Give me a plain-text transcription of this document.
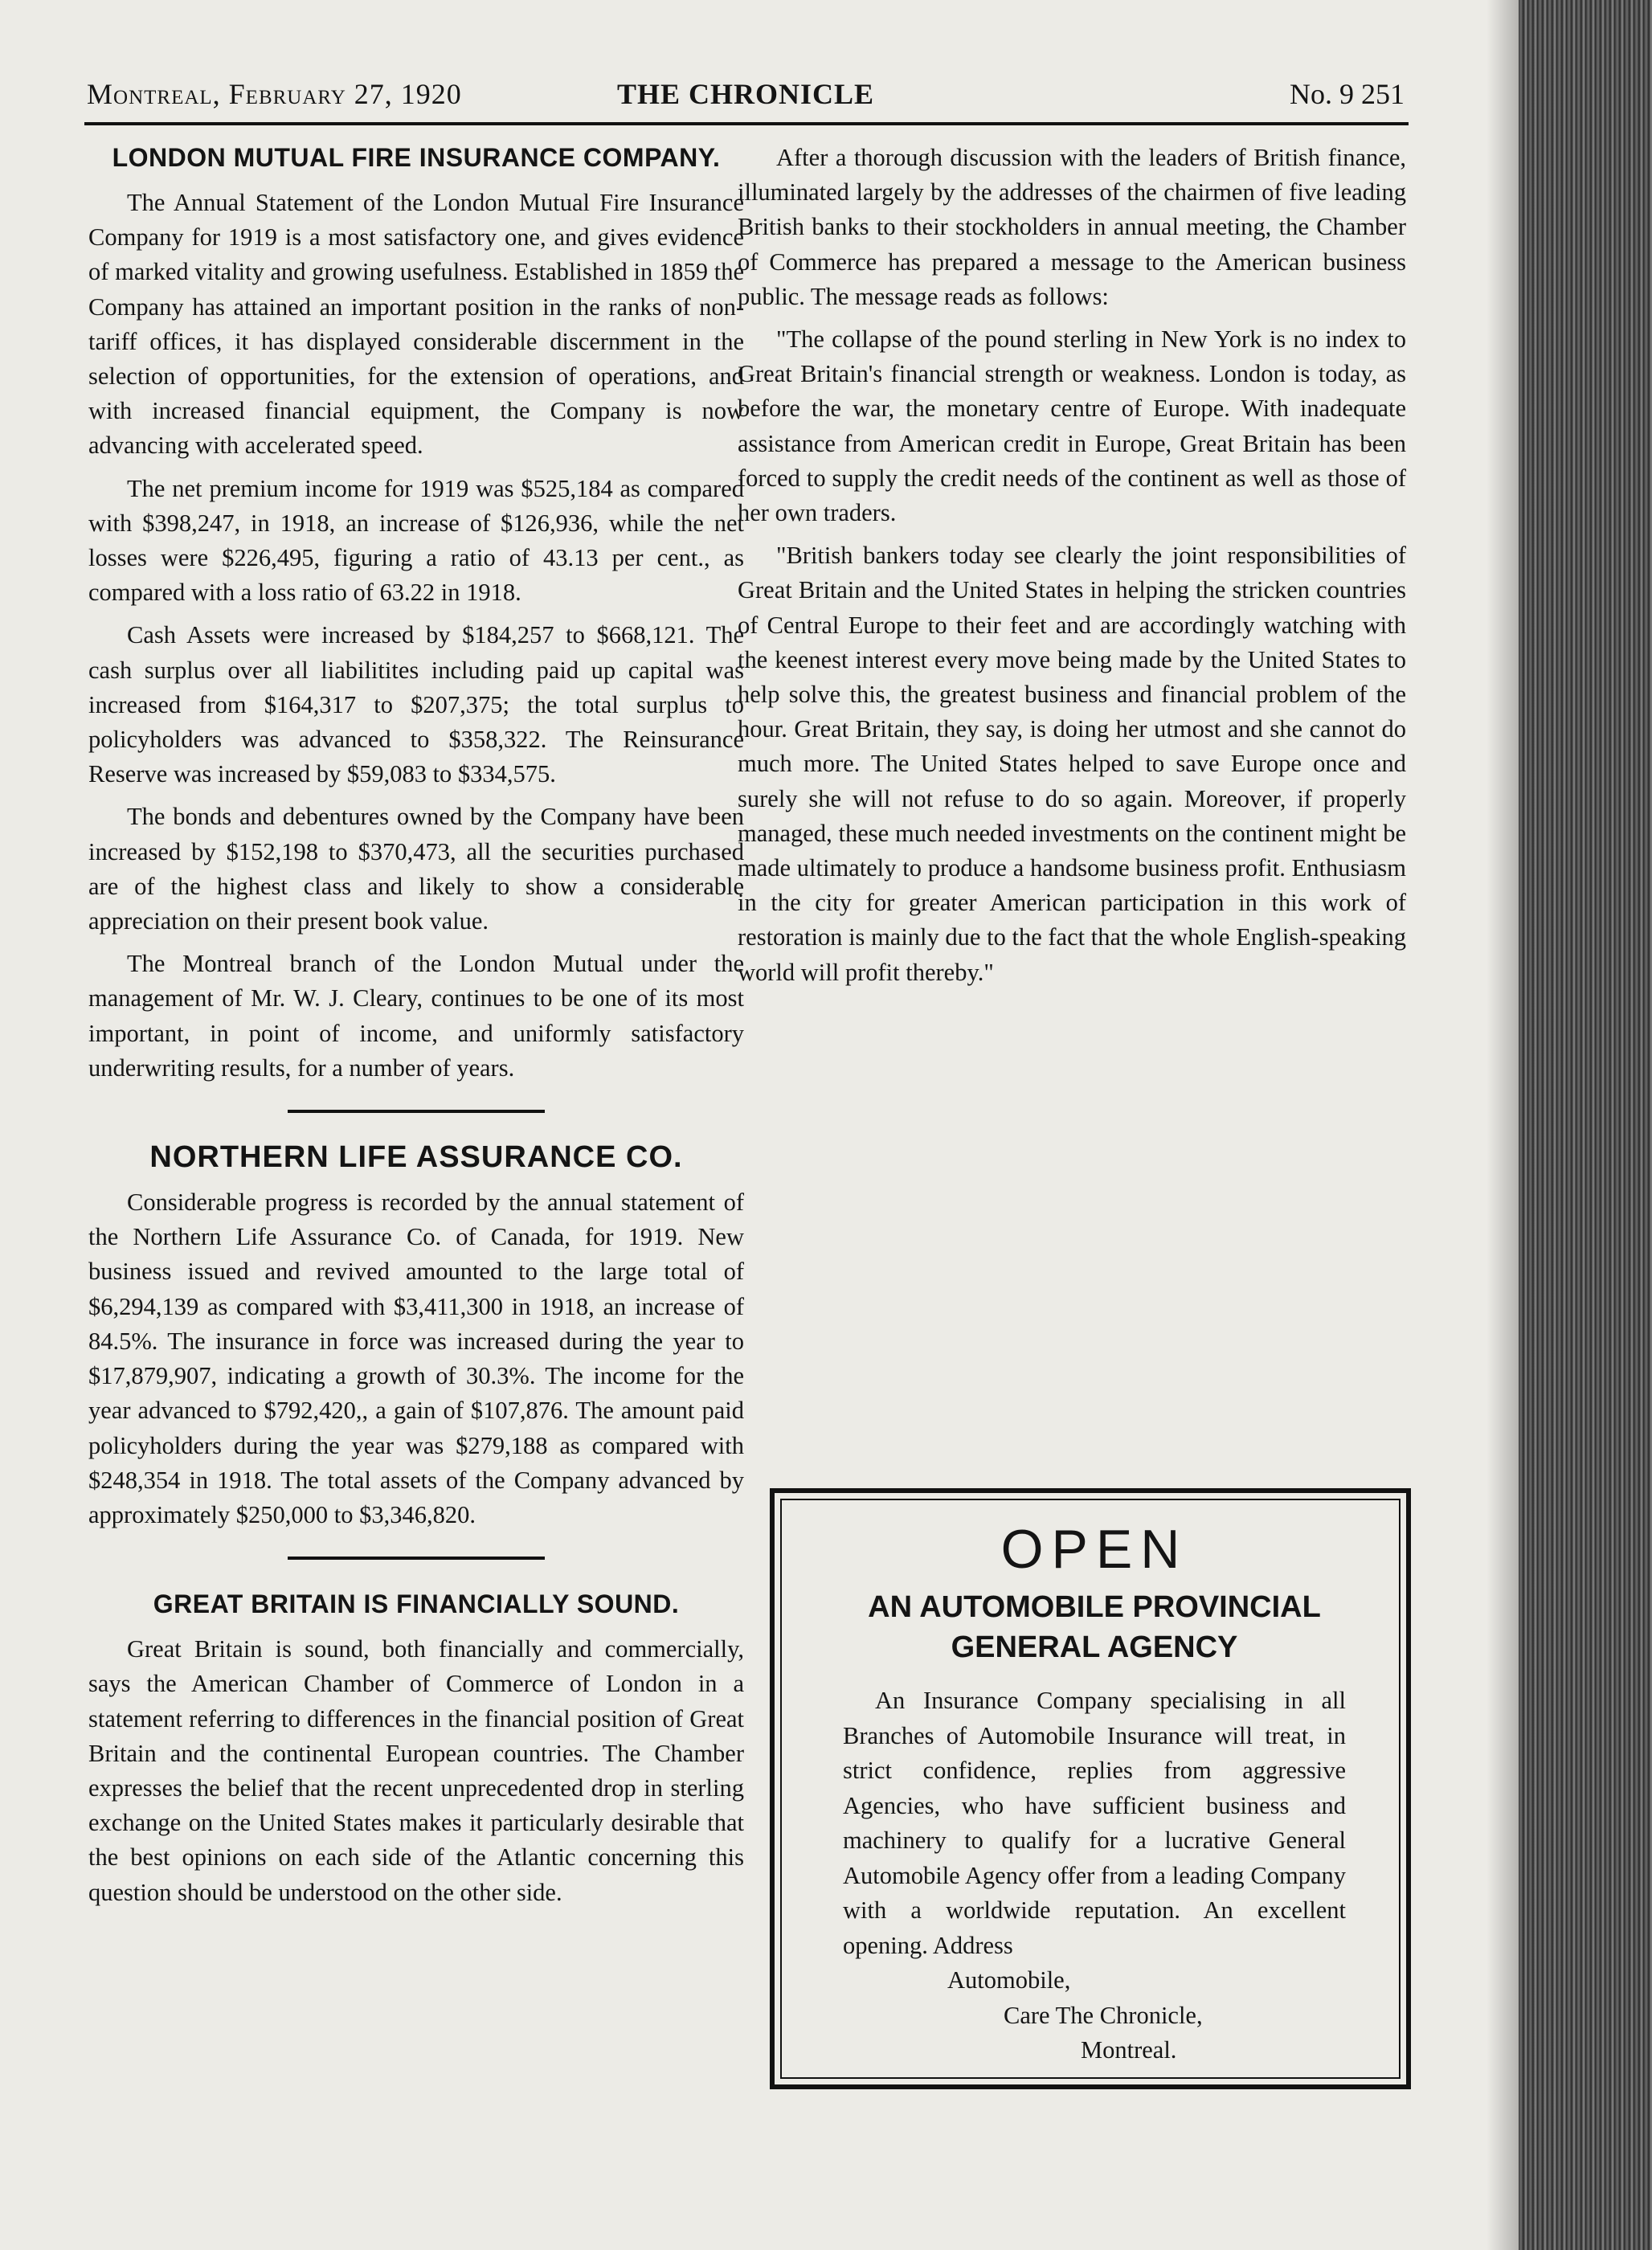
Montreal, February 27, 1920	THE CHRONICLE	No. 9 251
LONDON MUTUAL FIRE INSURANCE COMPANY.

The Annual Statement of the London Mutual Fire Insurance Company for 1919 is a most satisfactory one, and gives evidence of marked vitality and growing usefulness. Established in 1859 the Company has attained an important position in the ranks of non-tariff offices, it has displayed considerable discernment in the selection of opportunities, for the extension of operations, and with increased financial equipment, the Company is now advancing with accelerated speed.

The net premium income for 1919 was $525,184 as compared with $398,247, in 1918, an increase of $126,936, while the net losses were $226,495, figuring a ratio of 43.13 per cent., as compared with a loss ratio of 63.22 in 1918.

Cash Assets were increased by $184,257 to $668,121. The cash surplus over all liabilitites including paid up capital was increased from $164,317 to $207,375; the total surplus to policyholders was advanced to $358,322. The Reinsurance Reserve was increased by $59,083 to $334,575.

The bonds and debentures owned by the Company have been increased by $152,198 to $370,473, all the securities purchased are of the highest class and likely to show a considerable appreciation on their present book value.

The Montreal branch of the London Mutual under the management of Mr. W. J. Cleary, continues to be one of its most important, in point of income, and uniformly satisfactory underwriting results, for a number of years.

NORTHERN LIFE ASSURANCE CO.

Considerable progress is recorded by the annual statement of the Northern Life Assurance Co. of Canada, for 1919. New business issued and revived amounted to the large total of $6,294,139 as compared with $3,411,300 in 1918, an increase of 84.5%. The insurance in force was increased during the year to $17,879,907, indicating a growth of 30.3%. The income for the year advanced to $792,420,, a gain of $107,876. The amount paid policyholders during the year was $279,188 as compared with $248,354 in 1918. The total assets of the Company advanced by approximately $250,000 to $3,346,820.

GREAT BRITAIN IS FINANCIALLY SOUND.

Great Britain is sound, both financially and commercially, says the American Chamber of Commerce of London in a statement referring to differences in the financial position of Great Britain and the continental European countries. The Chamber expresses the belief that the recent unprecedented drop in sterling exchange on the United States makes it particularly desirable that the best opinions on each side of the Atlantic concerning this question should be understood on the other side.

After a thorough discussion with the leaders of British finance, illuminated largely by the addresses of the chairmen of five leading British banks to their stockholders in annual meeting, the Chamber of Commerce has prepared a message to the American business public. The message reads as follows:

"The collapse of the pound sterling in New York is no index to Great Britain's financial strength or weakness. London is today, as before the war, the monetary centre of Europe. With inadequate assistance from American credit in Europe, Great Britain has been forced to supply the credit needs of the continent as well as those of her own traders.

"British bankers today see clearly the joint responsibilities of Great Britain and the United States in helping the stricken countries of Central Europe to their feet and are accordingly watching with the keenest interest every move being made by the United States to help solve this, the greatest business and financial problem of the hour. Great Britain, they say, is doing her utmost and she cannot do much more. The United States helped to save Europe once and surely she will not refuse to do so again. Moreover, if properly managed, these much needed investments on the continent might be made ultimately to produce a handsome business profit. Enthusiasm in the city for greater American participation in this work of restoration is mainly due to the fact that the whole English-speaking world will profit thereby."

OPEN
AN AUTOMOBILE PROVINCIAL
GENERAL AGENCY

An Insurance Company specialising in all Branches of Automobile Insurance will treat, in strict confidence, replies from aggressive Agencies, who have sufficient business and machinery to qualify for a lucrative General Automobile Agency offer from a leading Company with a worldwide reputation. An excellent opening. Address

Automobile,
Care The Chronicle,
Montreal.
